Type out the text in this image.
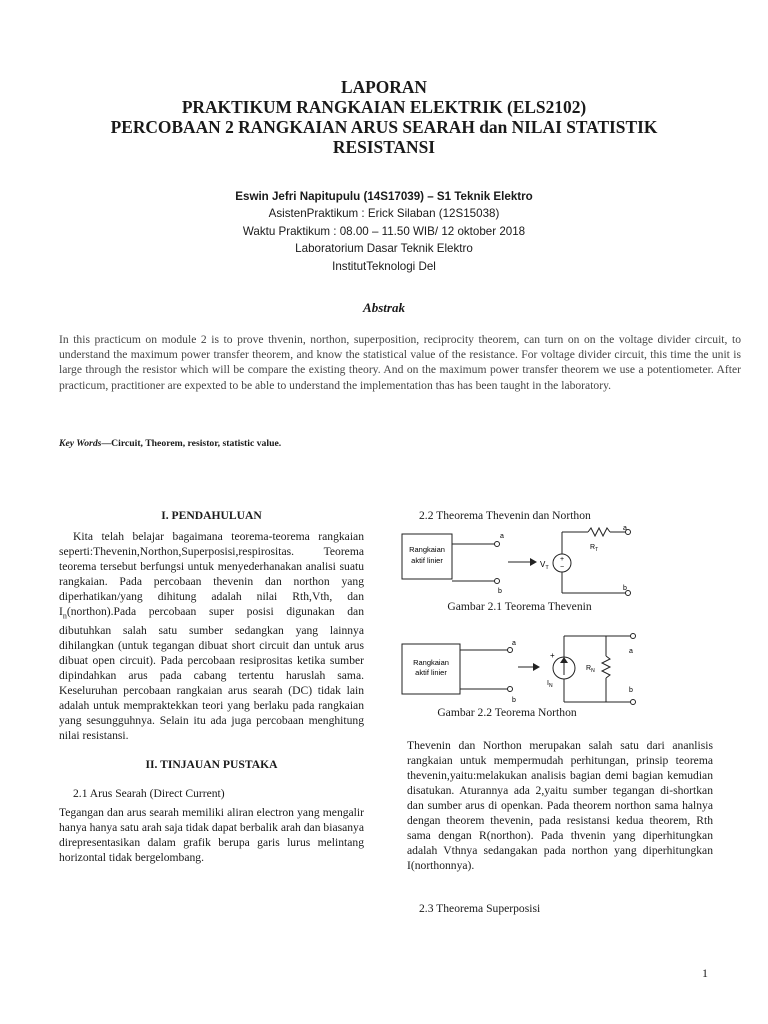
LAPORAN
PRAKTIKUM RANGKAIAN ELEKTRIK (ELS2102)
PERCOBAAN 2 RANGKAIAN ARUS SEARAH dan NILAI STATISTIK
RESISTANSI
Eswin Jefri Napitupulu (14S17039) – S1 Teknik Elektro
AsistenPraktikum : Erick Silaban (12S15038)
Waktu Praktikum : 08.00 – 11.50 WIB/ 12 oktober 2018
Laboratorium Dasar Teknik Elektro
InstitutTeknologi Del
Abstrak

In this practicum on module 2 is to prove thvenin, northon, superposition, reciprocity theorem, can turn on on the voltage divider circuit, to understand the maximum power transfer theorem, and know the statistical value of the resistance. For voltage divider circuit, this time the unit is large through the resistor which will be compare the existing theory. And on the maximum power transfer theorem we use a potentiometer. After practicum, practitioner are expexted to be able to understand the implementation thas has been taught in the laboratory.

Key Words—Circuit, Theorem, resistor, statistic value.
I. PENDAHULUAN

Kita telah belajar bagaimana teorema-teorema rangkaian seperti:Thevenin,Northon,Superposisi,respirositas. Teorema teorema tersebut berfungsi untuk menyederhanakan analisi suatu rangkaian. Pada percobaan thevenin dan northon yang diperhatikan/yang dihitung adalah nilai Rth,Vth, dan $I_n(northon).Pada$ percobaan super posisi digunakan dan dibutuhkan salah satu sumber sedangkan yang lainnya dihilangkan (untuk tegangan dibuat short circuit dan untuk arus dibuat open circuit). Pada percobaan resiprositas ketika sumber dipindahkan arus pada cabang tertentu haruslah sama. Keseluruhan percobaan rangkaian arus searah (DC) tidak lain adalah untuk mempraktekkan teori yang berlaku pada rangkaian yang sesungguhnya. Selain itu ada juga percobaan menghitung nilai resistansi.

II. TINJAUAN PUSTAKA

2.1 Arus Searah (Direct Current)

Tegangan dan arus searah memiliki aliran electron yang mengalir hanya hanya satu arah saja tidak dapat berbalik arah dan biasanya direpresentasikan dalam grafik berupa garis lurus melintang horizontal tidak bergelombang.

2.2 Theorema Thevenin dan Northon

Rangkaian
aktif linier
a
b
$V_T$
+
−
$R_T$
a
b
Gambar 2.1 Teorema Thevenin
Rangkaian
aktif linier
a
b
+
$I_N$
$R_N$
a
b
Gambar 2.2 Teorema Northon

Thevenin dan Northon merupakan salah satu dari ananlisis rangkaian untuk mempermudah perhitungan, prinsip teorema thevenin,yaitu:melakukan analisis bagian demi bagian kemudian disatukan. Aturannya ada 2,yaitu sumber tegangan di-shortkan dan sumber arus di openkan. Pada theorem northon sama halnya dengan theorem thevenin, pada resistansi kedua theorem, Rth sama dengan R(northon). Pada thvenin yang diperhitungkan adalah Vthnya sedangakan pada northon yang diperhitungkan I(northonnya).

2.3 Theorema Superposisi

1
